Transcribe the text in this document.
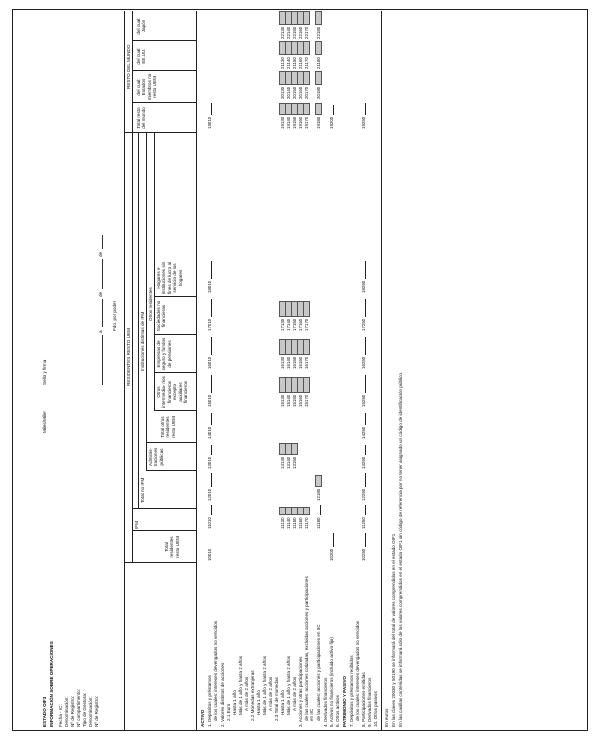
ESTADO OIF3 INFORMACIÓN SOBRE OPERACIONES Fecha - IC: Denominación: Nº de Registro: Nº compartimento: Tipo de Gestora: Denominación: Nº de Registro:
Miles/Miler
Sello y firma
a
de
de
Fdo. por poder
RESIDENTES RESTO UEM
RESTO DEL MUNDO
Total residentes resto UEM
IFM
Total no IFM
Instituciones distintas de IFM
Adminis- traciones públicas
Otros residentes
Total otros residentes resto UEM
Otros intermedia- rios financieros excepto auxiliares financieros
Empresas de seguro y fondos de pensiones
Sociedades no financieras
Hogares e instituciones sin fines de lucro al servicio de los hogares
Total resto del mundo
del cual: Estados miembros no resto UEM
del cual: EE.UU.
del cual: Japón
ACTIVO 1. Depósitos y préstamos de los cuales: intereses devengados no vencidos 2. Valores distintos de acciones 2.1 Euro Hasta 1 año Más de 1 año y hasta 2 años A más de 2 años 2.2 Monedas extranjeras Hasta 1 año Más de 1 año y hasta 2 años A más de 2 años 2.3 Total de monedas Hasta 1 año Más de 1 año y hasta 2 años A más de 2 años 3. Acciones y otras participaciones de las cuales: acciones cotizadas, excluidas acciones y participaciones en IIC de las cuales: acciones y participaciones en IIC 4. Derivados financieros 5. Activos no financieros (incluido activo fijo) 6. Otros activos PATRIMONIO Y PASIVO 7. Depósitos y préstamos recibidos de los cuales: intereses devengados no vencidos 8. Participaciones emitidas 9. Derivados financieros 10. Otros pasivos En euros En las claves 20030 y 50190 se informará del total de valores comprendidos en el estado OIF1 En las casillas contenidas se informará sólo de los valores comprendidos en el estado OIF1 sin código de referencia por no tener asignado un código de identificación público.
10010
11010
12010
13010
14010
15010
16010
17010
18010
19010
10200
11130 11140 11150 11160 11170 11180
12180
13130 13140 13150
15130 15140 15150 15160 15170
16130 16140 16150 16160 16170
17130 17140 17150 17160 17170
19130 19140 19150 19160 19170 19180 19200
20130 20140 20150 20160 20170 20180
21130 21140 21150 21160 21170 21180
22130 22140 22150 22160 22170 22180
10250
11250
12250
13250
14250
15250
16250
17250
18250
19250
